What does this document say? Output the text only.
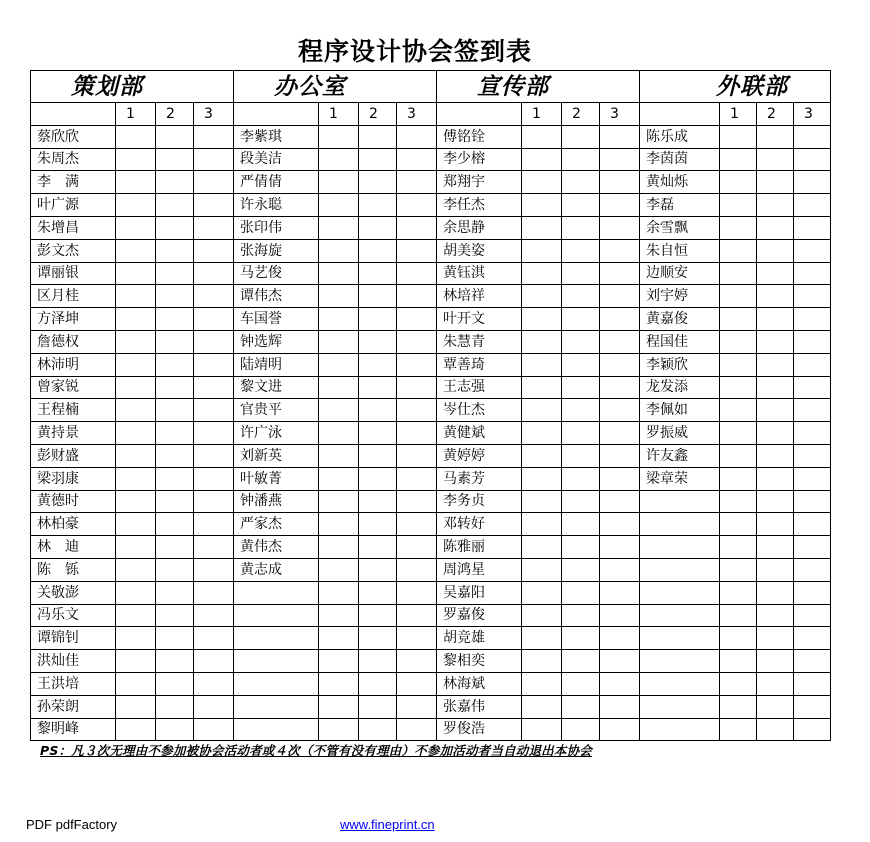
程序设计协会签到表
策划部				办公室				宣传部				外联部			
	1	2	3		1	2	3		1	2	3		1	2	3
蔡欣欣				李紫琪				傅铭铨				陈乐成			
朱周杰				段美洁				李少榕				李茵茵			
李　满				严倩倩				郑翔宇				黄灿烁			
叶广源				许永聪				李任杰				李磊			
朱增昌				张印伟				余思静				余雪飘			
彭文杰				张海旋				胡美姿				朱自恒			
谭丽银				马艺俊				黄钰淇				边顺安			
区月桂				谭伟杰				林培祥				刘宇婷			
方泽坤				车国誉				叶开文				黄嘉俊			
詹德权				钟选辉				朱慧青				程国佳			
林沛明				陆靖明				覃善琦				李颖欣			
曾家锐				黎文进				王志强				龙发添			
王程楠				官贵平				岑仕杰				李佩如			
黄持景				许广泳				黄健斌				罗振威			
彭财盛				刘新英				黄婷婷				许友鑫			
梁羽康				叶敏菁				马素芳				梁章荣			
黄德时				钟潘燕				李务贞							
林柏豪				严家杰				邓转好							
林　迪				黄伟杰				陈雅丽							
陈　铄				黄志成				周鸿星							
关敬澎								吴嘉阳							
冯乐文								罗嘉俊							
谭锦钊								胡竞雄							
洪灿佳								黎相奕							
王洪培								林海斌							
孙荣朗								张嘉伟							
黎明峰								罗俊浩							
PS：凡３次无理由不参加被协会活动者或４次（不管有没有理由）不参加活动者当自动退出本协会
PDF pdfFactory	www.fineprint.cn
